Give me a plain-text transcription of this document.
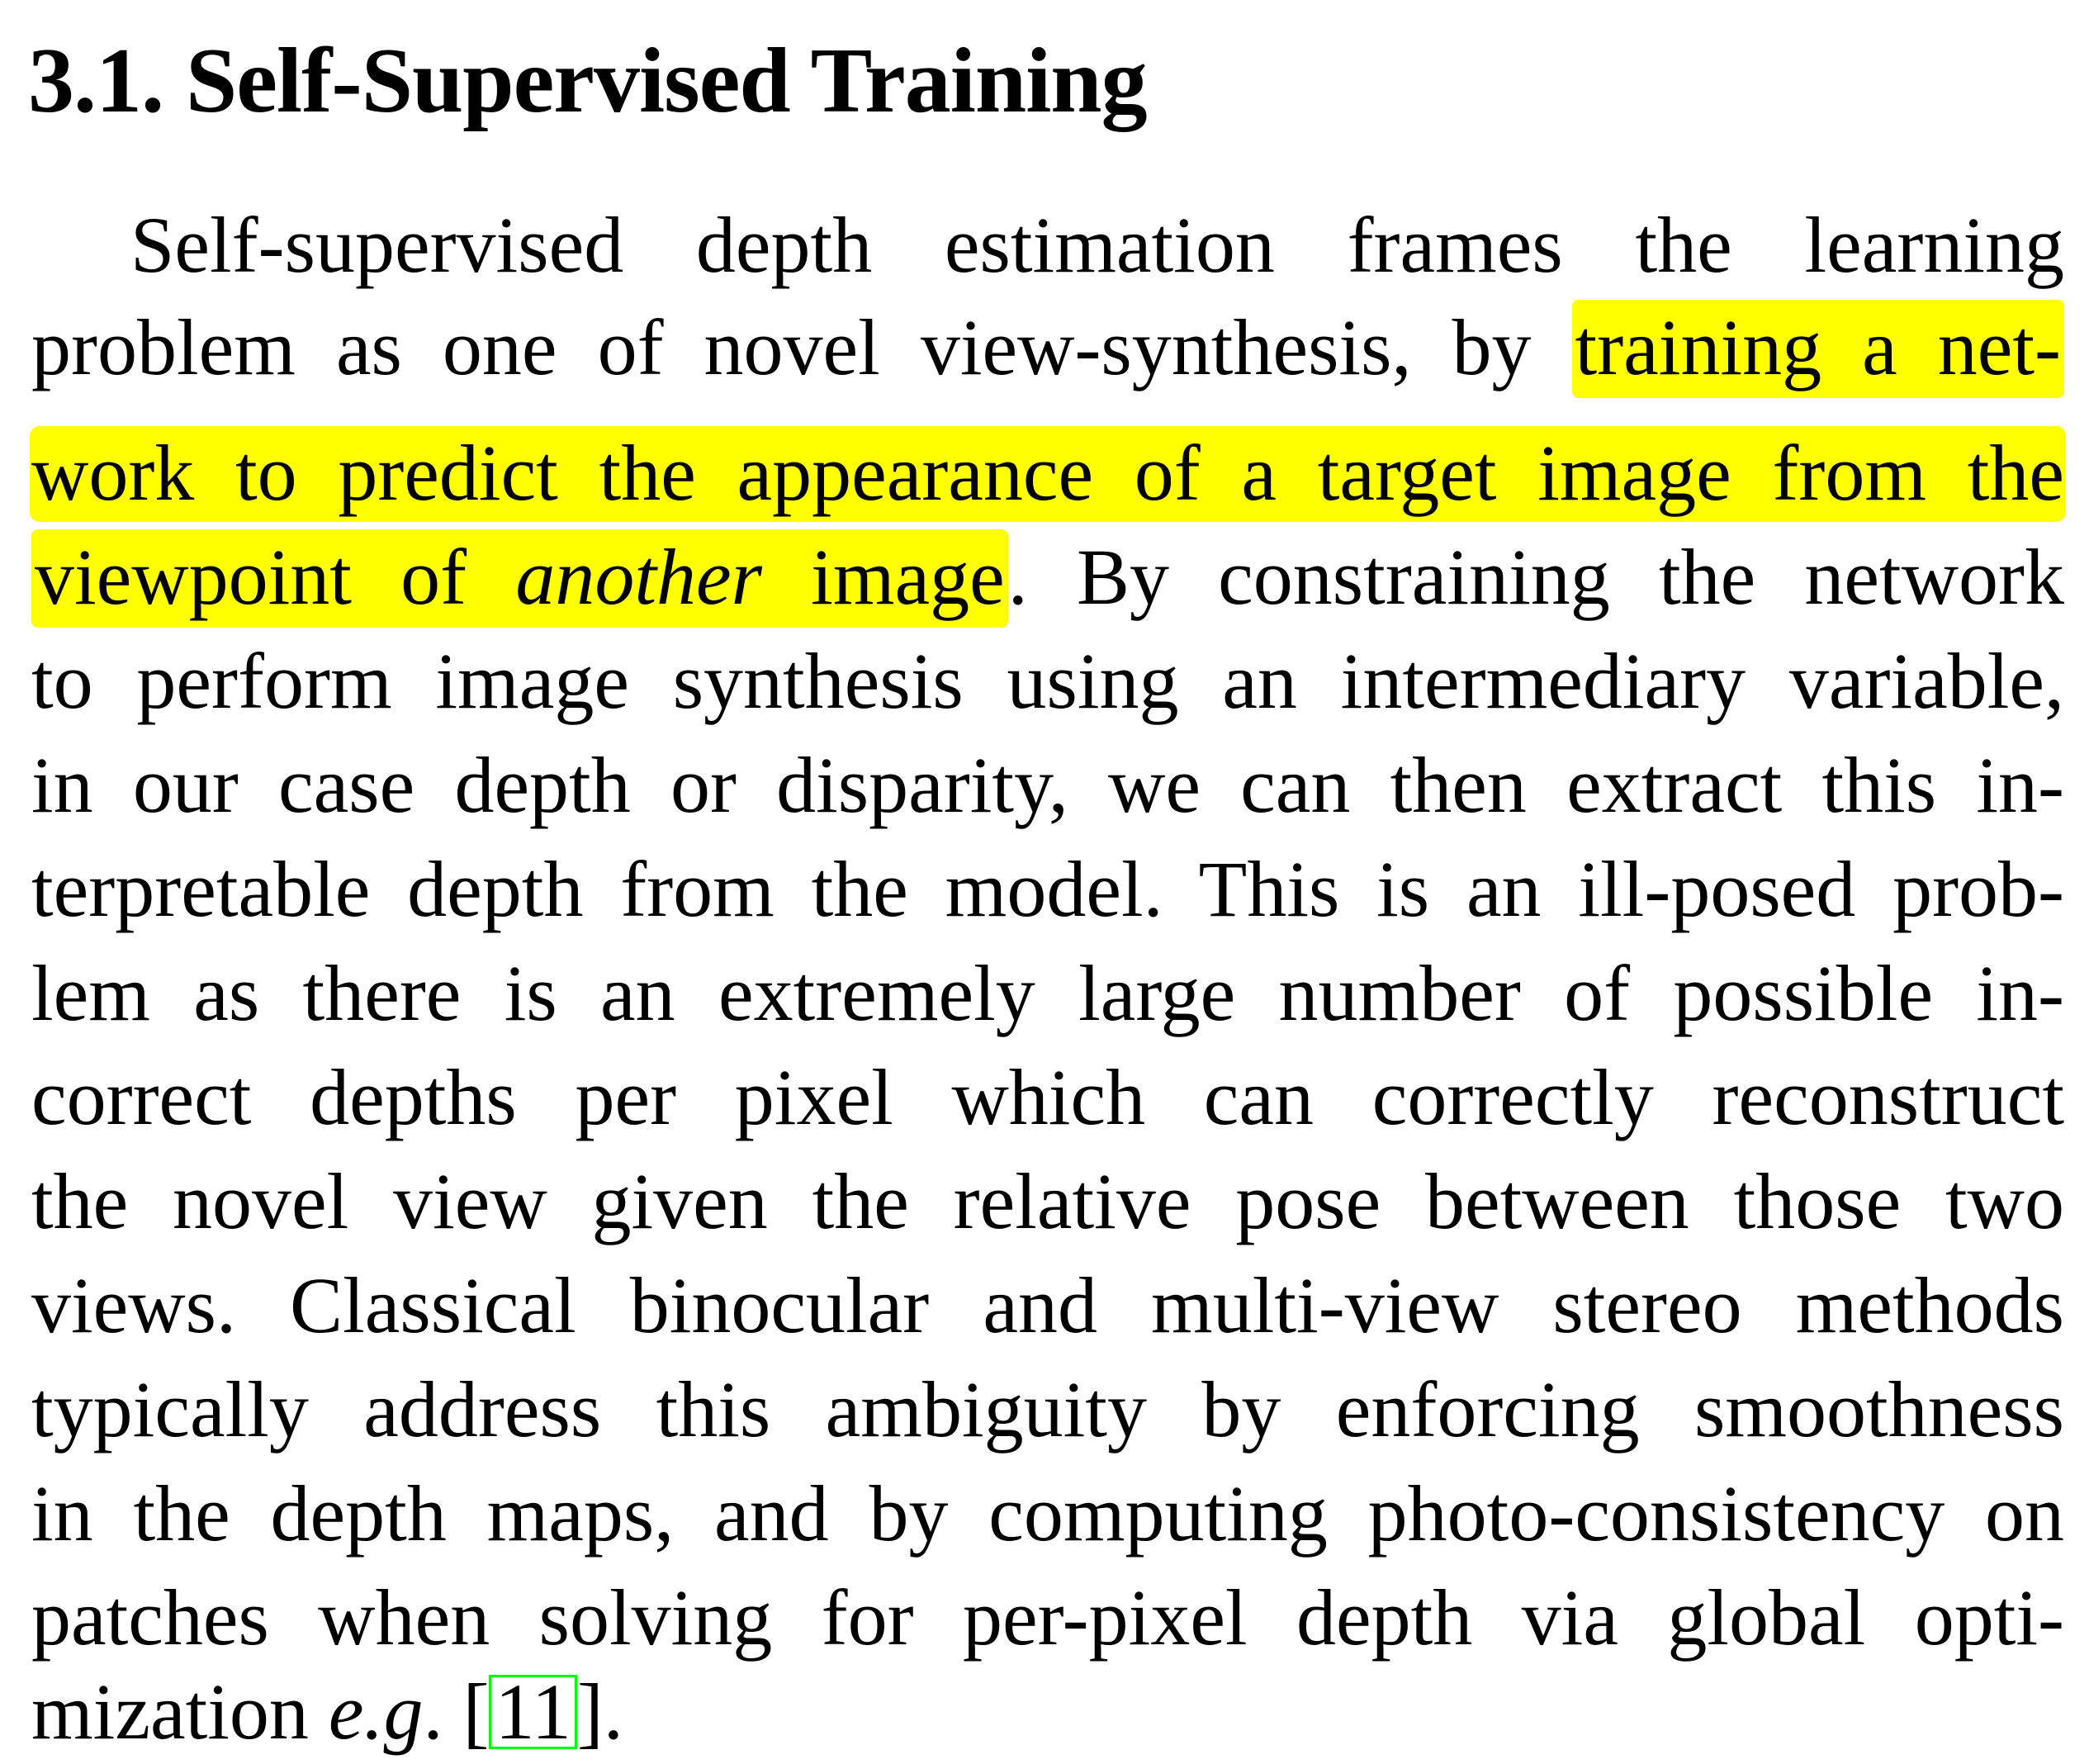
3.1. Self-Supervised Training
Self-supervised depth estimation frames the learning
problem as one of novel view-synthesis, by training a net-
work to predict the appearance of a target image from the
viewpoint of another image. By constraining the network
to perform image synthesis using an intermediary variable,
in our case depth or disparity, we can then extract this in-
terpretable depth from the model. This is an ill-posed prob-
lem as there is an extremely large number of possible in-
correct depths per pixel which can correctly reconstruct
the novel view given the relative pose between those two
views. Classical binocular and multi-view stereo methods
typically address this ambiguity by enforcing smoothness
in the depth maps, and by computing photo-consistency on
patches when solving for per-pixel depth via global opti-
mization e.g. [11].
